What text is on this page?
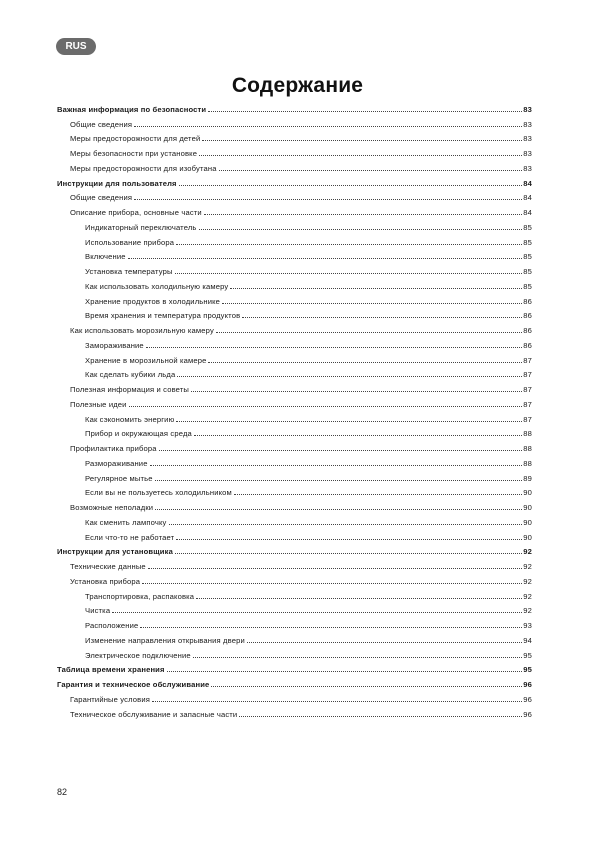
RUS
Содержание
Важная информация по безопасности	83
Общие сведения	83
Меры предосторожности для детей	83
Меры безопасности при установке	83
Меры предосторожности для изобутана	83
Инструкции для пользователя	84
Общие сведения	84
Описание прибора, основные части	84
Индикаторный переключатель	85
Использование прибора	85
Включение	85
Установка температуры	85
Как использовать холодильную камеру	85
Хранение продуктов в холодильнике	86
Время хранения и температура продуктов	86
Как использовать морозильную камеру	86
Замораживание	86
Хранение в морозильной камере	87
Как сделать кубики льда	87
Полезная информация и советы	87
Полезные идеи	87
Как сэкономить энергию	87
Прибор и окружающая среда	88
Профилактика прибора	88
Размораживание	88
Регулярное мытье	89
Если вы не пользуетесь холодильником	90
Возможные неполадки	90
Как сменить лампочку	90
Если что-то не работает	90
Инструкции для установщика	92
Технические данные	92
Установка прибора	92
Транспортировка, распаковка	92
Чистка	92
Расположение	93
Изменение направления открывания двери	94
Электрическое подключение	95
Таблица времени хранения	95
Гарантия и техническое обслуживание	96
Гарантийные условия	96
Техническое обслуживание и запасные части	96
82
